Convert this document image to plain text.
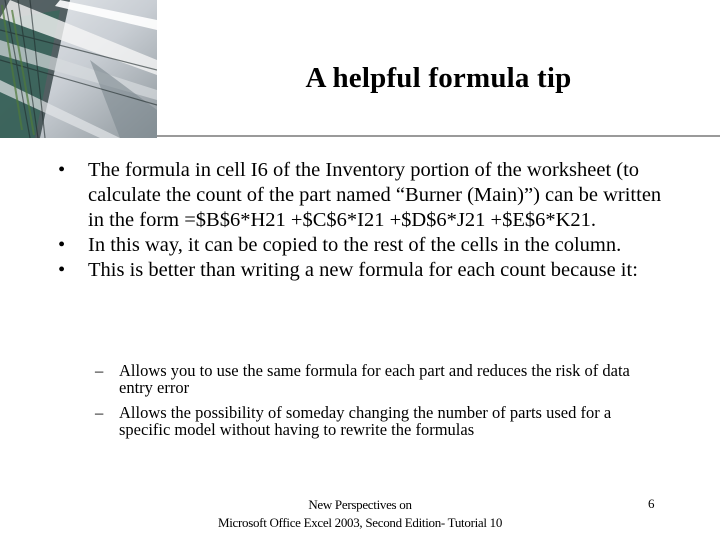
A helpful formula tip
• The formula in cell I6 of the Inventory portion of the worksheet (to calculate the count of the part named “Burner (Main)”) can be written in the form =$B$6*H21 +$C$6*I21 +$D$6*J21 +$E$6*K21.
• In this way, it can be copied to the rest of the cells in the column.
• This is better than writing a new formula for each count because it:
– Allows you to use the same formula for each part and reduces the risk of data entry error
– Allows the possibility of someday changing the number of parts used for a specific model without having to rewrite the formulas
New Perspectives on
Microsoft Office Excel 2003, Second Edition- Tutorial 10
6
